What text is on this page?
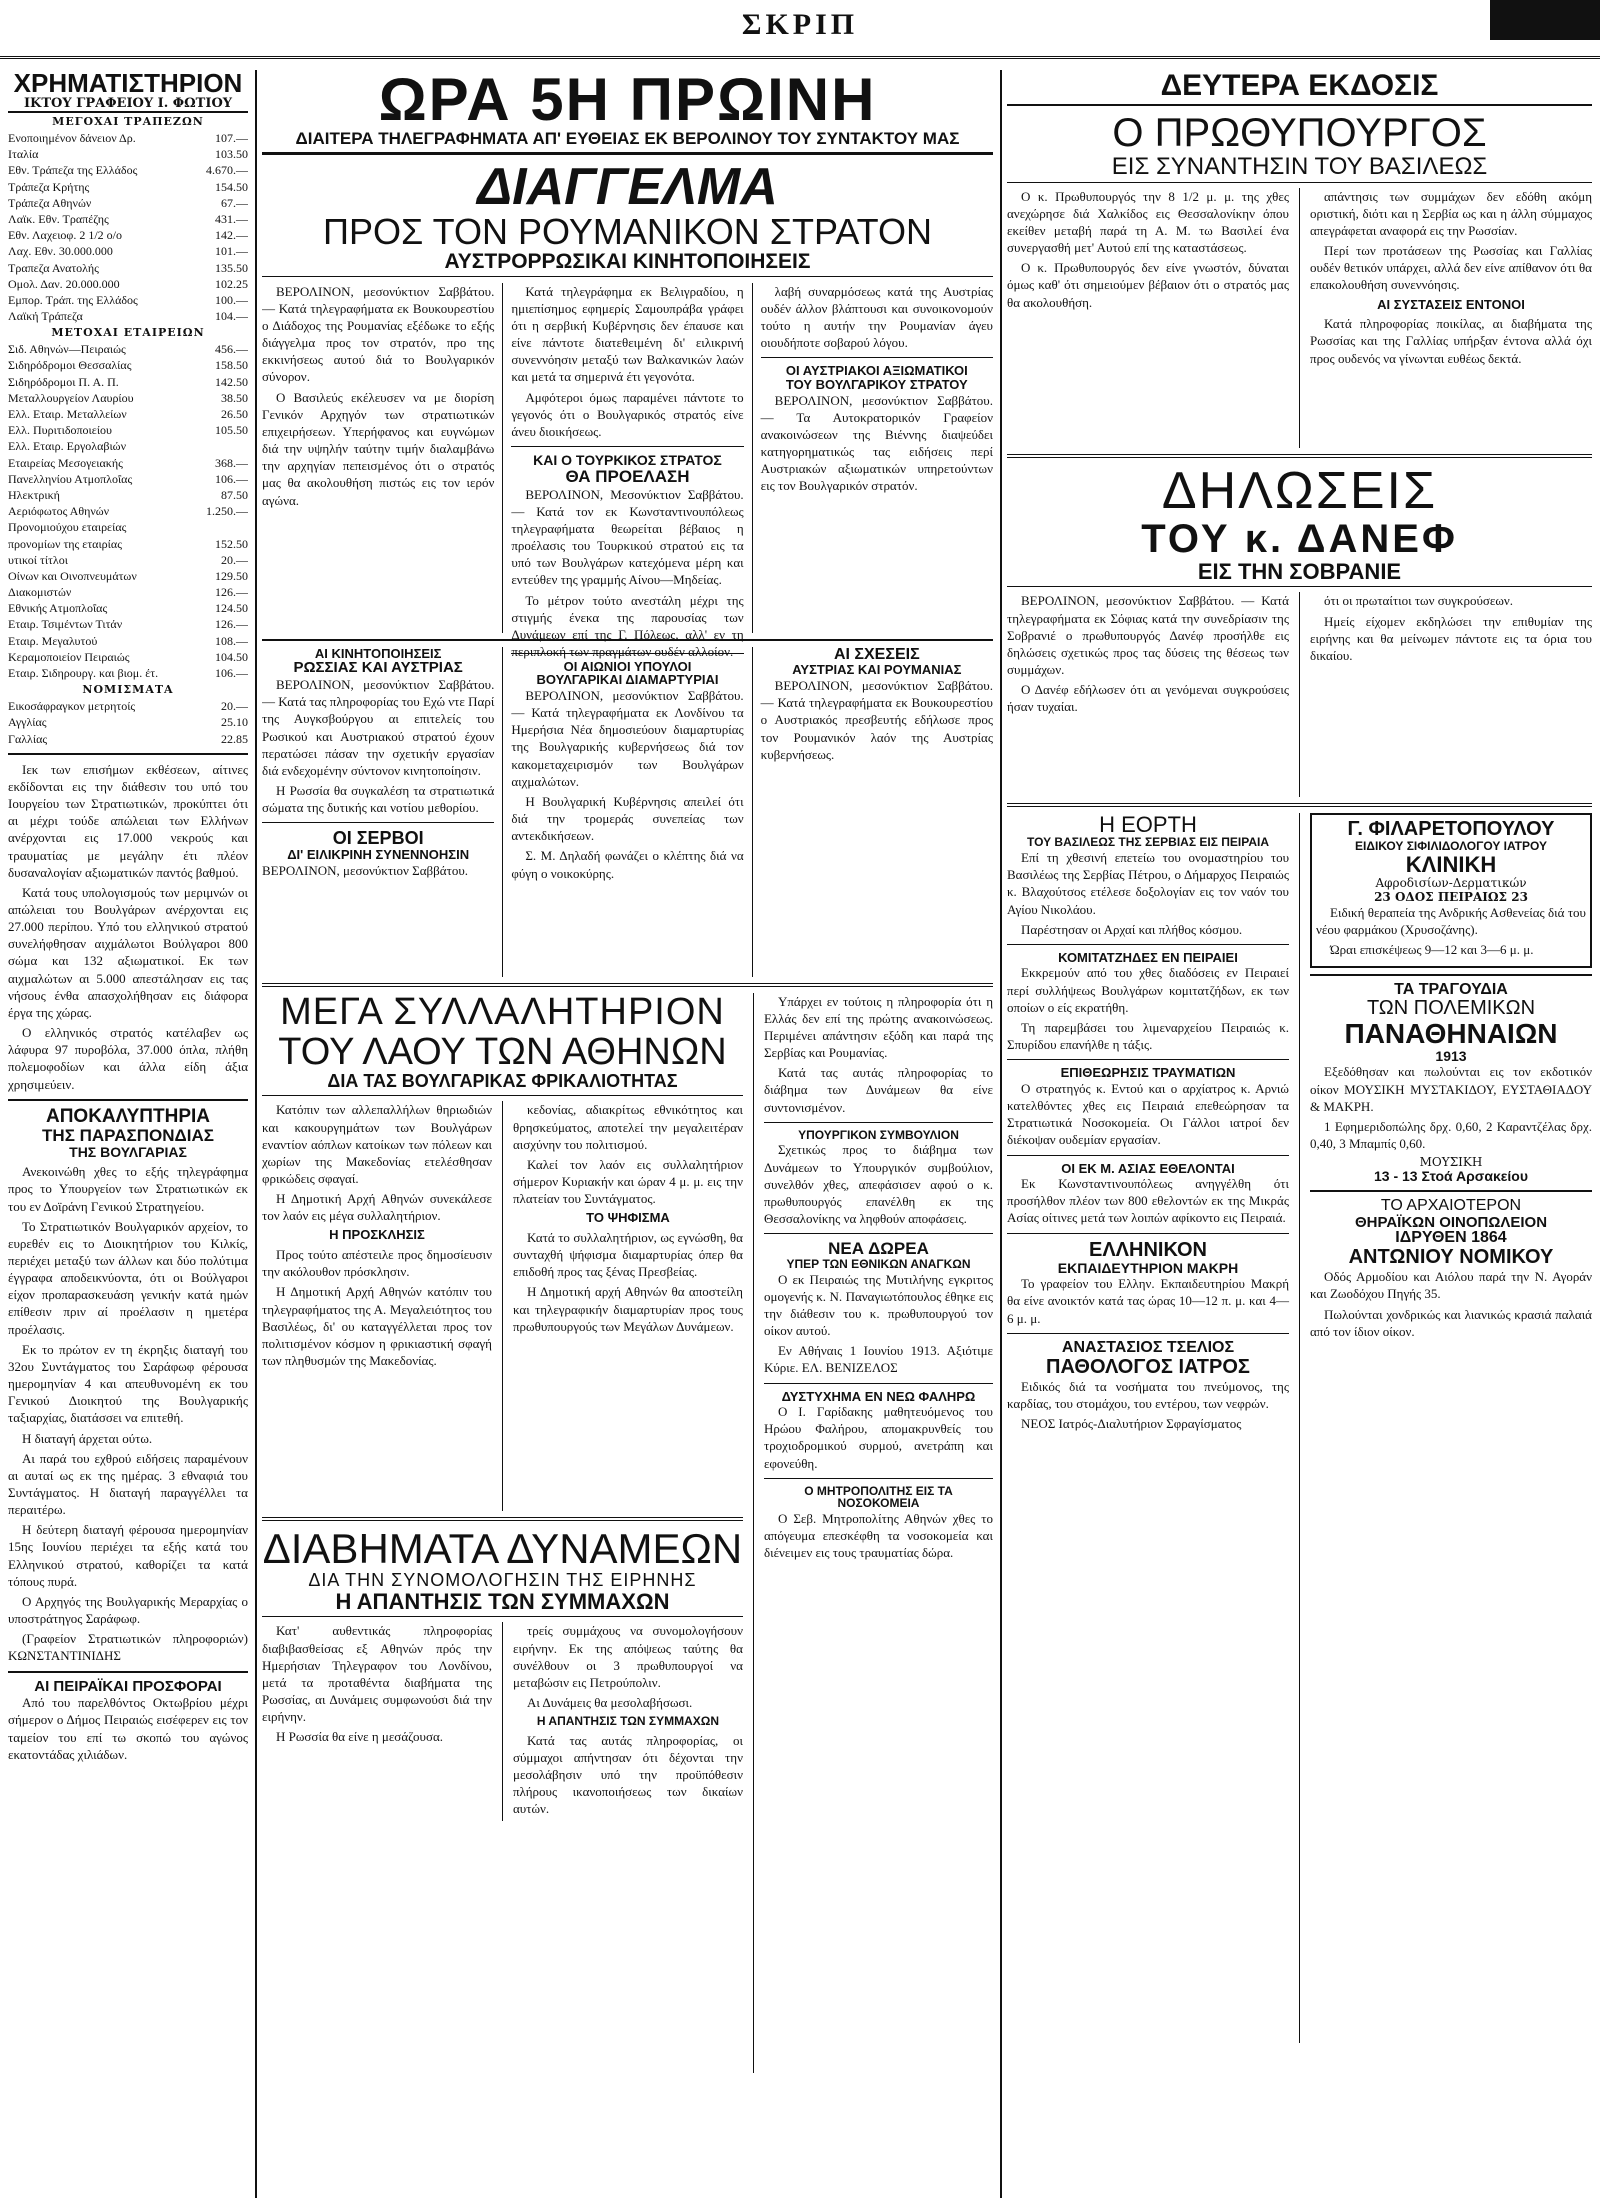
ΣΚΡΙΠ
ΧΡΗΜΑΤΙΣΤΗΡΙΟΝ
ΙΚΤΟΥ ΓΡΑΦΕΙΟΥ Ι. ΦΩΤΙΟΥ
ΜΕΓΟΧΑΙ ΤΡΑΠΕΖΩΝ
Ενοποιημένον δάνειον Δρ.	107.—
Ιταλία	103.50
Εθν. Τράπεζα της Ελλάδος	4.670.—
Τράπεζα Κρήτης	154.50
Τράπεζα Αθηνών	67.—
Λαϊκ. Εθν. Τραπέζης	431.—
Εθν. Λαχειοφ. 2 1/2 ο/ο	142.—
Λαχ. Εθν. 30.000.000	101.—
Τραπεζα Ανατολής	135.50
Ομολ. Δαν. 20.000.000	102.25
Εμπορ. Τράπ. της Ελλάδος	100.—
Λαϊκή Τράπεζα	104.—
ΜΕΤΟΧΑΙ ΕΤΑΙΡΕΙΩΝ
Σιδ. Αθηνών—Πειραιώς	456.—
Σιδηρόδρομοι Θεσσαλίας	158.50
Σιδηρόδρομοι Π. Α. Π.	142.50
Μεταλλουργείον Λαυρίου	38.50
Ελλ. Εταιρ. Μεταλλείων	26.50
Ελλ. Πυριτιδοποιείου	105.50
Ελλ. Εταιρ. Εργολαβιών	
Εταιρείας Μεσογειακής	368.—
Πανελληνίου Ατμοπλοΐας	106.—
Ηλεκτρική	87.50
Αεριόφωτος Αθηνών	1.250.—
Προνομιούχου εταιρείας	
προνομίων της εταιρίας	152.50
υτικοί τίτλοι	20.—
Οίνων και Οινοπνευμάτων	129.50
Διακομιστών	126.—
Εθνικής Ατμοπλοΐας	124.50
Εταιρ. Τσιμέντων Τιτάν	126.—
Εταιρ. Μεγαλυτού	108.—
Κεραμοποιείον Πειραιώς	104.50
Εταιρ. Σιδηρουργ. και βιομ. έτ.	106.—
ΝΟΜΙΣΜΑΤΑ
Εικοσάφραγκον μετρητοίς	20.—
Αγγλίας	25.10
Γαλλίας	22.85

Ιεκ των επισήμων εκθέσεων, αίτινες εκδίδονται εις την διάθεσιν του υπό του Ιουργείου των Στρατιωτικών, προκύπτει ότι αι μέχρι τούδε απώλειαι των Ελλήνων ανέρχονται εις 17.000 νεκρούς και τραυματίας με μεγάλην έτι πλέον δυσαναλογίαν αξιωματικών παντός βαθμού.

Κατά τους υπολογισμούς των μεριμνών οι απώλειαι του Βουλγάρων ανέρχονται εις 27.000 περίπου. Υπό του ελληνικού στρατού συνελήφθησαν αιχμάλωτοι Βούλγαροι 800 σώμα και 132 αξιωματικοί. Εκ των αιχμαλώτων αι 5.000 απεστάλησαν εις τας νήσους ένθα απασχολήθησαν εις διάφορα έργα της χώρας.

Ο ελληνικός στρατός κατέλαβεν ως λάφυρα 97 πυροβόλα, 37.000 όπλα, πλήθη πολεμοφοδίων και άλλα είδη άξια χρησιμεύειν.

ΑΠΟΚΑΛΥΠΤΗΡΙΑ
ΤΗΣ ΠΑΡΑΣΠΟΝΔΙΑΣ
ΤΗΣ ΒΟΥΛΓΑΡΙΑΣ

Ανεκοινώθη χθες το εξής τηλεγράφημα προς το Υπουργείον των Στρατιωτικών εκ του εν Δοϊράνη Γενικού Στρατηγείου.

Το Στρατιωτικόν Βουλγαρικόν αρχείον, το ευρεθέν εις το Διοικητήριον του Κιλκίς, περιέχει μεταξύ των άλλων και δύο πολύτιμα έγγραφα αποδεικνύοντα, ότι οι Βούλγαροι είχον προπαρασκευάση γενικήν κατά ημών επίθεσιν πριν αί προέλασιν η ημετέρα προέλασις.

Εκ το πρώτον εν τη έκρηξις διαταγή του 32ου Συντάγματος του Σαράφωφ φέρουσα ημερομηνίαν 4 και απευθυνομένη εκ του Γενικού Διοικητού της Βουλγαρικής ταξιαρχίας, διατάσσει να επιτεθή.

Η διαταγή άρχεται ούτω.

Αι παρά του εχθρού ειδήσεις παραμένουν αι αυταί ως εκ της ημέρας. 3 εθναφιά του Συντάγματος. Η διαταγή παραγγέλλει τα περαιτέρω.

Η δεύτερη διαταγή φέρουσα ημερομηνίαν 15ης Ιουνίου περιέχει τα εξής κατά του Ελληνικού στρατού, καθορίζει τα κατά τόπους πυρά.

Ο Αρχηγός της Βουλγαρικής Μεραρχίας ο υποστράτηγος Σαράφωφ.

(Γραφείον Στρατιωτικών πληροφοριών) ΚΩΝΣΤΑΝΤΙΝΙΔΗΣ

ΑΙ ΠΕΙΡΑΪΚΑΙ ΠΡΟΣΦΟΡΑΙ

Από του παρελθόντος Οκτωβρίου μέχρι σήμερον ο Δήμος Πειραιώς εισέφερεν εις τον ταμείον του επί τω σκοπώ του αγώνος εκατοντάδας χιλιάδων.

ΩΡΑ 5Η ΠΡΩΙΝΗ
ΔΙΑΙΤΕΡΑ ΤΗΛΕΓΡΑΦΗΜΑΤΑ ΑΠ' ΕΥΘΕΙΑΣ ΕΚ ΒΕΡΟΛΙΝΟΥ ΤΟΥ ΣΥΝΤΑΚΤΟΥ ΜΑΣ
ΔΙΑΓΓΕΛΜΑ
ΠΡΟΣ ΤΟΝ ΡΟΥΜΑΝΙΚΟΝ ΣΤΡΑΤΟΝ
ΑΥΣΤΡΟΡΡΩΣΙΚΑΙ ΚΙΝΗΤΟΠΟΙΗΣΕΙΣ

ΒΕΡΟΛΙΝΟΝ, μεσονύκτιον Σαββάτου. — Κατά τηλεγραφήματα εκ Βουκουρεστίου ο Διάδοχος της Ρουμανίας εξέδωκε το εξής διάγγελμα προς τον στρατόν, προ της εκκινήσεως αυτού διά το Βουλγαρικόν σύνορον.

Ο Βασιλεύς εκέλευσεν να με διορίση Γενικόν Αρχηγόν των στρατιωτικών επιχειρήσεων. Υπερήφανος και ευγνώμων διά την υψηλήν ταύτην τιμήν διαλαμβάνω την αρχηγίαν πεπεισμένος ότι ο στρατός μας θα ακολουθήση πιστώς εις τον ιερόν αγώνα.

Κατά τηλεγράφημα εκ Βελιγραδίου, η ημιεπίσημος εφημερίς Σαμουπράβα γράφει ότι η σερβική Κυβέρνησις δεν έπαυσε και είνε πάντοτε διατεθειμένη δι' ειλικρινή συνεννόησιν μεταξύ των Βαλκανικών λαών και μετά τα σημερινά έτι γεγονότα.

Αμφότεροι όμως παραμένει πάντοτε το γεγονός ότι ο Βουλγαρικός στρατός είνε άνευ διοικήσεως.

ΚΑΙ Ο ΤΟΥΡΚΙΚΟΣ ΣΤΡΑΤΟΣ
ΘΑ ΠΡΟΕΛΑΣΗ

ΒΕΡΟΛΙΝΟΝ, Μεσονύκτιον Σαββάτου. — Κατά τον εκ Κωνσταντινουπόλεως τηλεγραφήματα θεωρείται βέβαιος η προέλασις του Τουρκικού στρατού εις τα υπό των Βουλγάρων κατεχόμενα μέρη και εντεύθεν της γραμμής Αίνου—Μηδείας.

Το μέτρον τούτο ανεστάλη μέχρι της στιγμής ένεκα της παρουσίας των Δυνάμεων επί της Γ. Πόλεως, αλλ' εν τη περιπλοκή των πραγμάτων ουδέν αλλοίον.

λαβή συναρμόσεως κατά της Αυστρίας ουδέν άλλον βλάπτουσι και συνοικονομούν τούτο η αυτήν την Ρουμανίαν άγευ οιουδήποτε σοβαρού λόγου.

ΟΙ ΑΥΣΤΡΙΑΚΟΙ ΑΞΙΩΜΑΤΙΚΟΙ
ΤΟΥ ΒΟΥΛΓΑΡΙΚΟΥ ΣΤΡΑΤΟΥ

ΒΕΡΟΛΙΝΟΝ, μεσονύκτιον Σαββάτου. — Τα Αυτοκρατορικόν Γραφείον ανακοινώσεων της Βιέννης διαψεύδει κατηγορηματικώς τας ειδήσεις περί Αυστριακών αξιωματικών υπηρετούντων εις τον Βουλγαρικόν στρατόν.

ΑΙ ΚΙΝΗΤΟΠΟΙΗΣΕΙΣ
ΡΩΣΣΙΑΣ ΚΑΙ ΑΥΣΤΡΙΑΣ

ΒΕΡΟΛΙΝΟΝ, μεσονύκτιον Σαββάτου. — Κατά τας πληροφορίας του Εχώ ντε Παρί της Αυγκσβούργου αι επιτελείς του Ρωσικού και Αυστριακού στρατού έχουν περατώσει πάσαν την σχετικήν εργασίαν διά ενδεχομένην σύντονον κινητοποίησιν.

Η Ρωσσία θα συγκαλέση τα στρατιωτικά σώματα της δυτικής και νοτίου μεθορίου.

ΟΙ ΣΕΡΒΟΙ
ΔΙ' ΕΙΛΙΚΡΙΝΗ ΣΥΝΕΝΝΟΗΣΙΝ
ΒΕΡΟΛΙΝΟΝ, μεσονύκτιον Σαββάτου.
ΟΙ ΑΙΩΝΙΟΙ ΥΠΟΥΛΟΙ
ΒΟΥΛΓΑΡΙΚΑΙ ΔΙΑΜΑΡΤΥΡΙΑΙ

ΒΕΡΟΛΙΝΟΝ, μεσονύκτιον Σαββάτου. — Κατά τηλεγραφήματα εκ Λονδίνου τα Ημερήσια Νέα δημοσιεύουν διαμαρτυρίας της Βουλγαρικής κυβερνήσεως διά τον κακομεταχειρισμόν των Βουλγάρων αιχμαλώτων.

Η Βουλγαρική Κυβέρνησις απειλεί ότι διά την τρομεράς συνεπείας των αντεκδικήσεων.

Σ. Μ. Δηλαδή φωνάζει ο κλέπτης διά να φύγη ο νοικοκύρης.

ΑΙ ΣΧΕΣΕΙΣ
ΑΥΣΤΡΙΑΣ ΚΑΙ ΡΟΥΜΑΝΙΑΣ

ΒΕΡΟΛΙΝΟΝ, μεσονύκτιον Σαββάτου. — Κατά τηλεγραφήματα εκ Βουκουρεστίου ο Αυστριακός πρεσβευτής εδήλωσε προς τον Ρουμανικόν λαόν της Αυστρίας κυβερνήσεως.

ΜΕΓΑ ΣΥΛΛΑΛΗΤΗΡΙΟΝ
ΤΟΥ ΛΑΟΥ ΤΩΝ ΑΘΗΝΩΝ
ΔΙΑ ΤΑΣ ΒΟΥΛΓΑΡΙΚΑΣ ΦΡΙΚΑΛΙΟΤΗΤΑΣ

Κατόπιν των αλλεπαλλήλων θηριωδιών και κακουργημάτων των Βουλγάρων εναντίον αόπλων κατοίκων των πόλεων και χωρίων της Μακεδονίας ετελέσθησαν φρικώδεις σφαγαί.

Η Δημοτική Αρχή Αθηνών συνεκάλεσε τον λαόν εις μέγα συλλαλητήριον.

Η ΠΡΟΣΚΛΗΣΙΣ

Προς τούτο απέστειλε προς δημοσίευσιν την ακόλουθον πρόσκλησιν.

Η Δημοτική Αρχή Αθηνών κατόπιν του τηλεγραφήματος της Α. Μεγαλειότητος του Βασιλέως, δι' ου καταγγέλλεται προς τον πολιτισμένον κόσμον η φρικιαστική σφαγή των πληθυσμών της Μακεδονίας.

κεδονίας, αδιακρίτως εθνικότητος και θρησκεύματος, αποτελεί την μεγαλειτέραν αισχύνην του πολιτισμού.

Καλεί τον λαόν εις συλλαλητήριον σήμερον Κυριακήν και ώραν 4 μ. μ. εις την πλατείαν του Συντάγματος.

ΤΟ ΨΗΦΙΣΜΑ

Κατά το συλλαλητήριον, ως εγνώσθη, θα συνταχθή ψήφισμα διαμαρτυρίας όπερ θα επιδοθή προς τας ξένας Πρεσβείας.

Η Δημοτική αρχή Αθηνών θα αποστείλη και τηλεγραφικήν διαμαρτυρίαν προς τους πρωθυπουργούς των Μεγάλων Δυνάμεων.

ΔΙΑΒΗΜΑΤΑ ΔΥΝΑΜΕΩΝ
ΔΙΑ ΤΗΝ ΣΥΝΟΜΟΛΟΓΗΣΙΝ ΤΗΣ ΕΙΡΗΝΗΣ
Η ΑΠΑΝΤΗΣΙΣ ΤΩΝ ΣΥΜΜΑΧΩΝ

Κατ' αυθεντικάς πληροφορίας διαβιβασθείσας εξ Αθηνών πρός την Ημερήσιαν Τηλεγραφον του Λονδίνου, μετά τα προταθέντα διαβήματα της Ρωσσίας, αι Δυνάμεις συμφωνούσι διά την ειρήνην.

Η Ρωσσία θα είνε η μεσάζουσα.

τρείς συμμάχους να συνομολογήσουν ειρήνην. Εκ της απόψεως ταύτης θα συνέλθουν οι 3 πρωθυπουργοί να μεταβώσιν εις Πετρούπολιν.

Αι Δυνάμεις θα μεσολαβήσωσι.

Η ΑΠΑΝΤΗΣΙΣ ΤΩΝ ΣΥΜΜΑΧΩΝ

Κατά τας αυτάς πληροφορίας, οι σύμμαχοι απήντησαν ότι δέχονται την μεσολάβησιν υπό την προϋπόθεσιν πλήρους ικανοποιήσεως των δικαίων αυτών.

Υπάρχει εν τούτοις η πληροφορία ότι η Ελλάς δεν επί της πρώτης ανακοινώσεως. Περιμένει απάντησιν εξόδη και παρά της Σερβίας και Ρουμανίας.

Κατά τας αυτάς πληροφορίας το διάβημα των Δυνάμεων θα είνε συντονισμένον.

ΥΠΟΥΡΓΙΚΟΝ ΣΥΜΒΟΥΛΙΟΝ

Σχετικώς προς το διάβημα των Δυνάμεων το Υπουργικόν συμβούλιον, συνελθόν χθες, απεφάσισεν αφού ο κ. πρωθυπουργός επανέλθη εκ της Θεσσαλονίκης να ληφθούν αποφάσεις.

ΝΕΑ ΔΩΡΕΑ
ΥΠΕΡ ΤΩΝ ΕΘΝΙΚΩΝ ΑΝΑΓΚΩΝ

Ο εκ Πειραιώς της Μυτιλήνης εγκριτος ομογενής κ. Ν. Παναγιωτόπουλος έθηκε εις την διάθεσιν του κ. πρωθυπουργού τον οίκον αυτού.

Εν Αθήναις 1 Ιουνίου 1913. Αξιότιμε Κύριε. ΕΛ. ΒΕΝΙΖΕΛΟΣ

ΔΥΣΤΥΧΗΜΑ ΕΝ ΝΕΩ ΦΑΛΗΡΩ

Ο Ι. Γαρίδακης μαθητευόμενος του Ηρώου Φαλήρου, απομακρυνθείς του τροχιοδρομικού συρμού, ανετράπη και εφονεύθη.

Ο ΜΗΤΡΟΠΟΛΙΤΗΣ ΕΙΣ ΤΑ ΝΟΣΟΚΟΜΕΙΑ

Ο Σεβ. Μητροπολίτης Αθηνών χθες το απόγευμα επεσκέφθη τα νοσοκομεία και διένειμεν εις τους τραυματίας δώρα.

ΔΕΥΤΕΡΑ ΕΚΔΟΣΙΣ
Ο ΠΡΩΘΥΠΟΥΡΓΟΣ
ΕΙΣ ΣΥΝΑΝΤΗΣΙΝ ΤΟΥ ΒΑΣΙΛΕΩΣ

Ο κ. Πρωθυπουργός την 8 1/2 μ. μ. της χθες ανεχώρησε διά Χαλκίδος εις Θεσσαλονίκην όπου εκείθεν μεταβή παρά τη Α. Μ. τω Βασιλεί ένα συνεργασθή μετ' Αυτού επί της καταστάσεως.

Ο κ. Πρωθυπουργός δεν είνε γνωστόν, δύναται όμως καθ' ότι σημειούμεν βέβαιον ότι ο στρατός μας θα ακολουθήση.

απάντησις των συμμάχων δεν εδόθη ακόμη οριστική, διότι και η Σερβία ως και η άλλη σύμμαχος απεγράφεται αναφορά εις την Ρωσσίαν.

Περί των προτάσεων της Ρωσσίας και Γαλλίας ουδέν θετικόν υπάρχει, αλλά δεν είνε απίθανον ότι θα επακολουθήση συνεννόησις.

ΑΙ ΣΥΣΤΑΣΕΙΣ ΕΝΤΟΝΟΙ

Κατά πληροφορίας ποικίλας, αι διαβήματα της Ρωσσίας και της Γαλλίας υπήρξαν έντονα αλλά όχι προς ουδενός να γίνωνται ευθέως δεκτά.

ΔΗΛΩΣΕΙΣ
ΤΟΥ κ. ΔΑΝΕΦ
ΕΙΣ ΤΗΝ ΣΟΒΡΑΝΙΕ

ΒΕΡΟΛΙΝΟΝ, μεσονύκτιον Σαββάτου. — Κατά τηλεγραφήματα εκ Σόφιας κατά την συνεδρίασιν της Σοβρανιέ ο πρωθυπουργός Δανέφ προσήλθε εις δηλώσεις σχετικώς προς τας δύσεις της θέσεως των συμμάχων.

Ο Δανέφ εδήλωσεν ότι αι γενόμεναι συγκρούσεις ήσαν τυχαίαι.

ότι οι πρωταίτιοι των συγκρούσεων.

Ημείς είχομεν εκδηλώσει την επιθυμίαν της ειρήνης και θα μείνωμεν πάντοτε εις τα όρια του δικαίου.

Η ΕΟΡΤΗ
ΤΟΥ ΒΑΣΙΛΕΩΣ ΤΗΣ ΣΕΡΒΙΑΣ ΕΙΣ ΠΕΙΡΑΙΑ

Επί τη χθεσινή επετείω του ονομαστηρίου του Βασιλέως της Σερβίας Πέτρου, ο Δήμαρχος Πειραιώς κ. Βλαχούτσος ετέλεσε δοξολογίαν εις τον ναόν του Αγίου Νικολάου.

Παρέστησαν οι Αρχαί και πλήθος κόσμου.

ΚΟΜΙΤΑΤΖΗΔΕΣ ΕΝ ΠΕΙΡΑΙΕΙ

Εκκρεμούν από του χθες διαδόσεις εν Πειραιεί περί συλλήψεως Βουλγάρων κομιτατζήδων, εκ των οποίων ο είς εκρατήθη.

Τη παρεμβάσει του λιμεναρχείου Πειραιώς κ. Σπυρίδου επανήλθε η τάξις.

ΕΠΙΘΕΩΡΗΣΙΣ ΤΡΑΥΜΑΤΙΩΝ

Ο στρατηγός κ. Εντού και ο αρχίατρος κ. Αρνιώ κατελθόντες χθες εις Πειραιά επεθεώρησαν τα Στρατιωτικά Νοσοκομεία. Οι Γάλλοι ιατροί δεν διέκοψαν ουδεμίαν εργασίαν.

ΟΙ ΕΚ Μ. ΑΣΙΑΣ ΕΘΕΛΟΝΤΑΙ

Εκ Κωνσταντινουπόλεως ανηγγέλθη ότι προσήλθον πλέον των 800 εθελοντών εκ της Μικράς Ασίας οίτινες μετά των λοιπών αφίκοντο εις Πειραιά.

ΕΛΛΗΝΙΚΟΝ
ΕΚΠΑΙΔΕΥΤΗΡΙΟΝ ΜΑΚΡΗ

Το γραφείον του Ελλην. Εκπαιδευτηρίου Μακρή θα είνε ανοικτόν κατά τας ώρας 10—12 π. μ. και 4—6 μ. μ.

ΑΝΑΣΤΑΣΙΟΣ ΤΣΕΛΙΟΣ
ΠΑΘΟΛΟΓΟΣ ΙΑΤΡΟΣ

Ειδικός διά τα νοσήματα του πνεύμονος, της καρδίας, του στομάχου, του εντέρου, των νεφρών.

ΝΕΟΣ Ιατρός-Διαλυτήριον Σφραγίσματος

Γ. ΦΙΛΑΡΕΤΟΠΟΥΛΟΥ
ΕΙΔΙΚΟΥ ΣΙΦΙΛΙΔΟΛΟΓΟΥ ΙΑΤΡΟΥ
ΚΛΙΝΙΚΗ
Αφροδισίων-Δερματικών
23 ΟΔΟΣ ΠΕΙΡΑΙΩΣ 23

Ειδική θεραπεία της Ανδρικής Ασθενείας διά του νέου φαρμάκου (Χρυσοζάνης).

Ώραι επισκέψεως 9—12 και 3—6 μ. μ.

ΤΑ ΤΡΑΓΟΥΔΙΑ
ΤΩΝ ΠΟΛΕΜΙΚΩΝ
ΠΑΝΑΘΗΝΑΙΩΝ
1913

Εξεδόθησαν και πωλούνται εις τον εκδοτικόν οίκον ΜΟΥΣΙΚΗ ΜΥΣΤΑΚΙΔΟΥ, ΕΥΣΤΑΘΙΑΔΟΥ & ΜΑΚΡΗ.

1 Εφημεριδοπώλης δρχ. 0,60, 2 Καραντζέλας δρχ. 0,40, 3 Μπαμπίς 0,60.

ΜΟΥΣΙΚΗ
13 - 13 Στοά Αρσακείου
ΤΟ ΑΡΧΑΙΟΤΕΡΟΝ
ΘΗΡΑΪΚΩΝ ΟΙΝΟΠΩΛΕΙΟΝ
ΙΔΡΥΘΕΝ 1864
ΑΝΤΩΝΙΟΥ ΝΟΜΙΚΟΥ

Οδός Αρμοδίου και Αιόλου παρά την Ν. Αγοράν και Ζωοδόχου Πηγής 35.

Πωλούνται χονδρικώς και λιανικώς κρασιά παλαιά από τον ίδιον οίκον.
